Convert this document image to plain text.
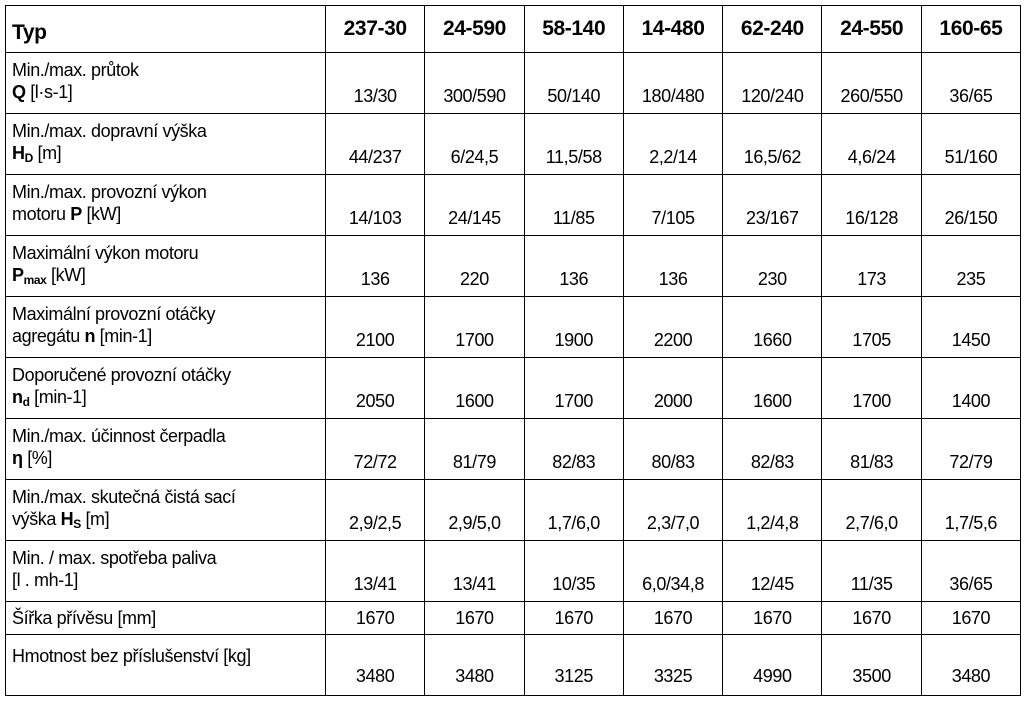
Typ	237-30	24-590	58-140	14-480	62-240	24-550	160-65

Min./max. průtok
Q [l·s-1]	13/30	300/590	50/140	180/480	120/240	260/550	36/65

Min./max. dopravní výška
$H_D$ [m]	44/237	6/24,5	11,5/58	2,2/14	16,5/62	4,6/24	51/160

Min./max. provozní výkon
motoru P [kW]	14/103	24/145	11/85	7/105	23/167	16/128	26/150

Maximální výkon motoru
$P_{max}$ [kW]	136	220	136	136	230	173	235

Maximální provozní otáčky
agregátu n [min-1]	2100	1700	1900	2200	1660	1705	1450

Doporučené provozní otáčky
$n_d$ [min-1]	2050	1600	1700	2000	1600	1700	1400

Min./max. účinnost čerpadla
η [%]	72/72	81/79	82/83	80/83	82/83	81/83	72/79

Min./max. skutečná čistá sací
výška $H_S$ [m]	2,9/2,5	2,9/5,0	1,7/6,0	2,3/7,0	1,2/4,8	2,7/6,0	1,7/5,6

Min. / max. spotřeba paliva
[l . mh-1]	13/41	13/41	10/35	6,0/34,8	12/45	11/35	36/65
Šířka přívěsu [mm]	1670	1670	1670	1670	1670	1670	1670
Hmotnost bez příslušenství [kg]	3480	3480	3125	3325	4990	3500	3480
